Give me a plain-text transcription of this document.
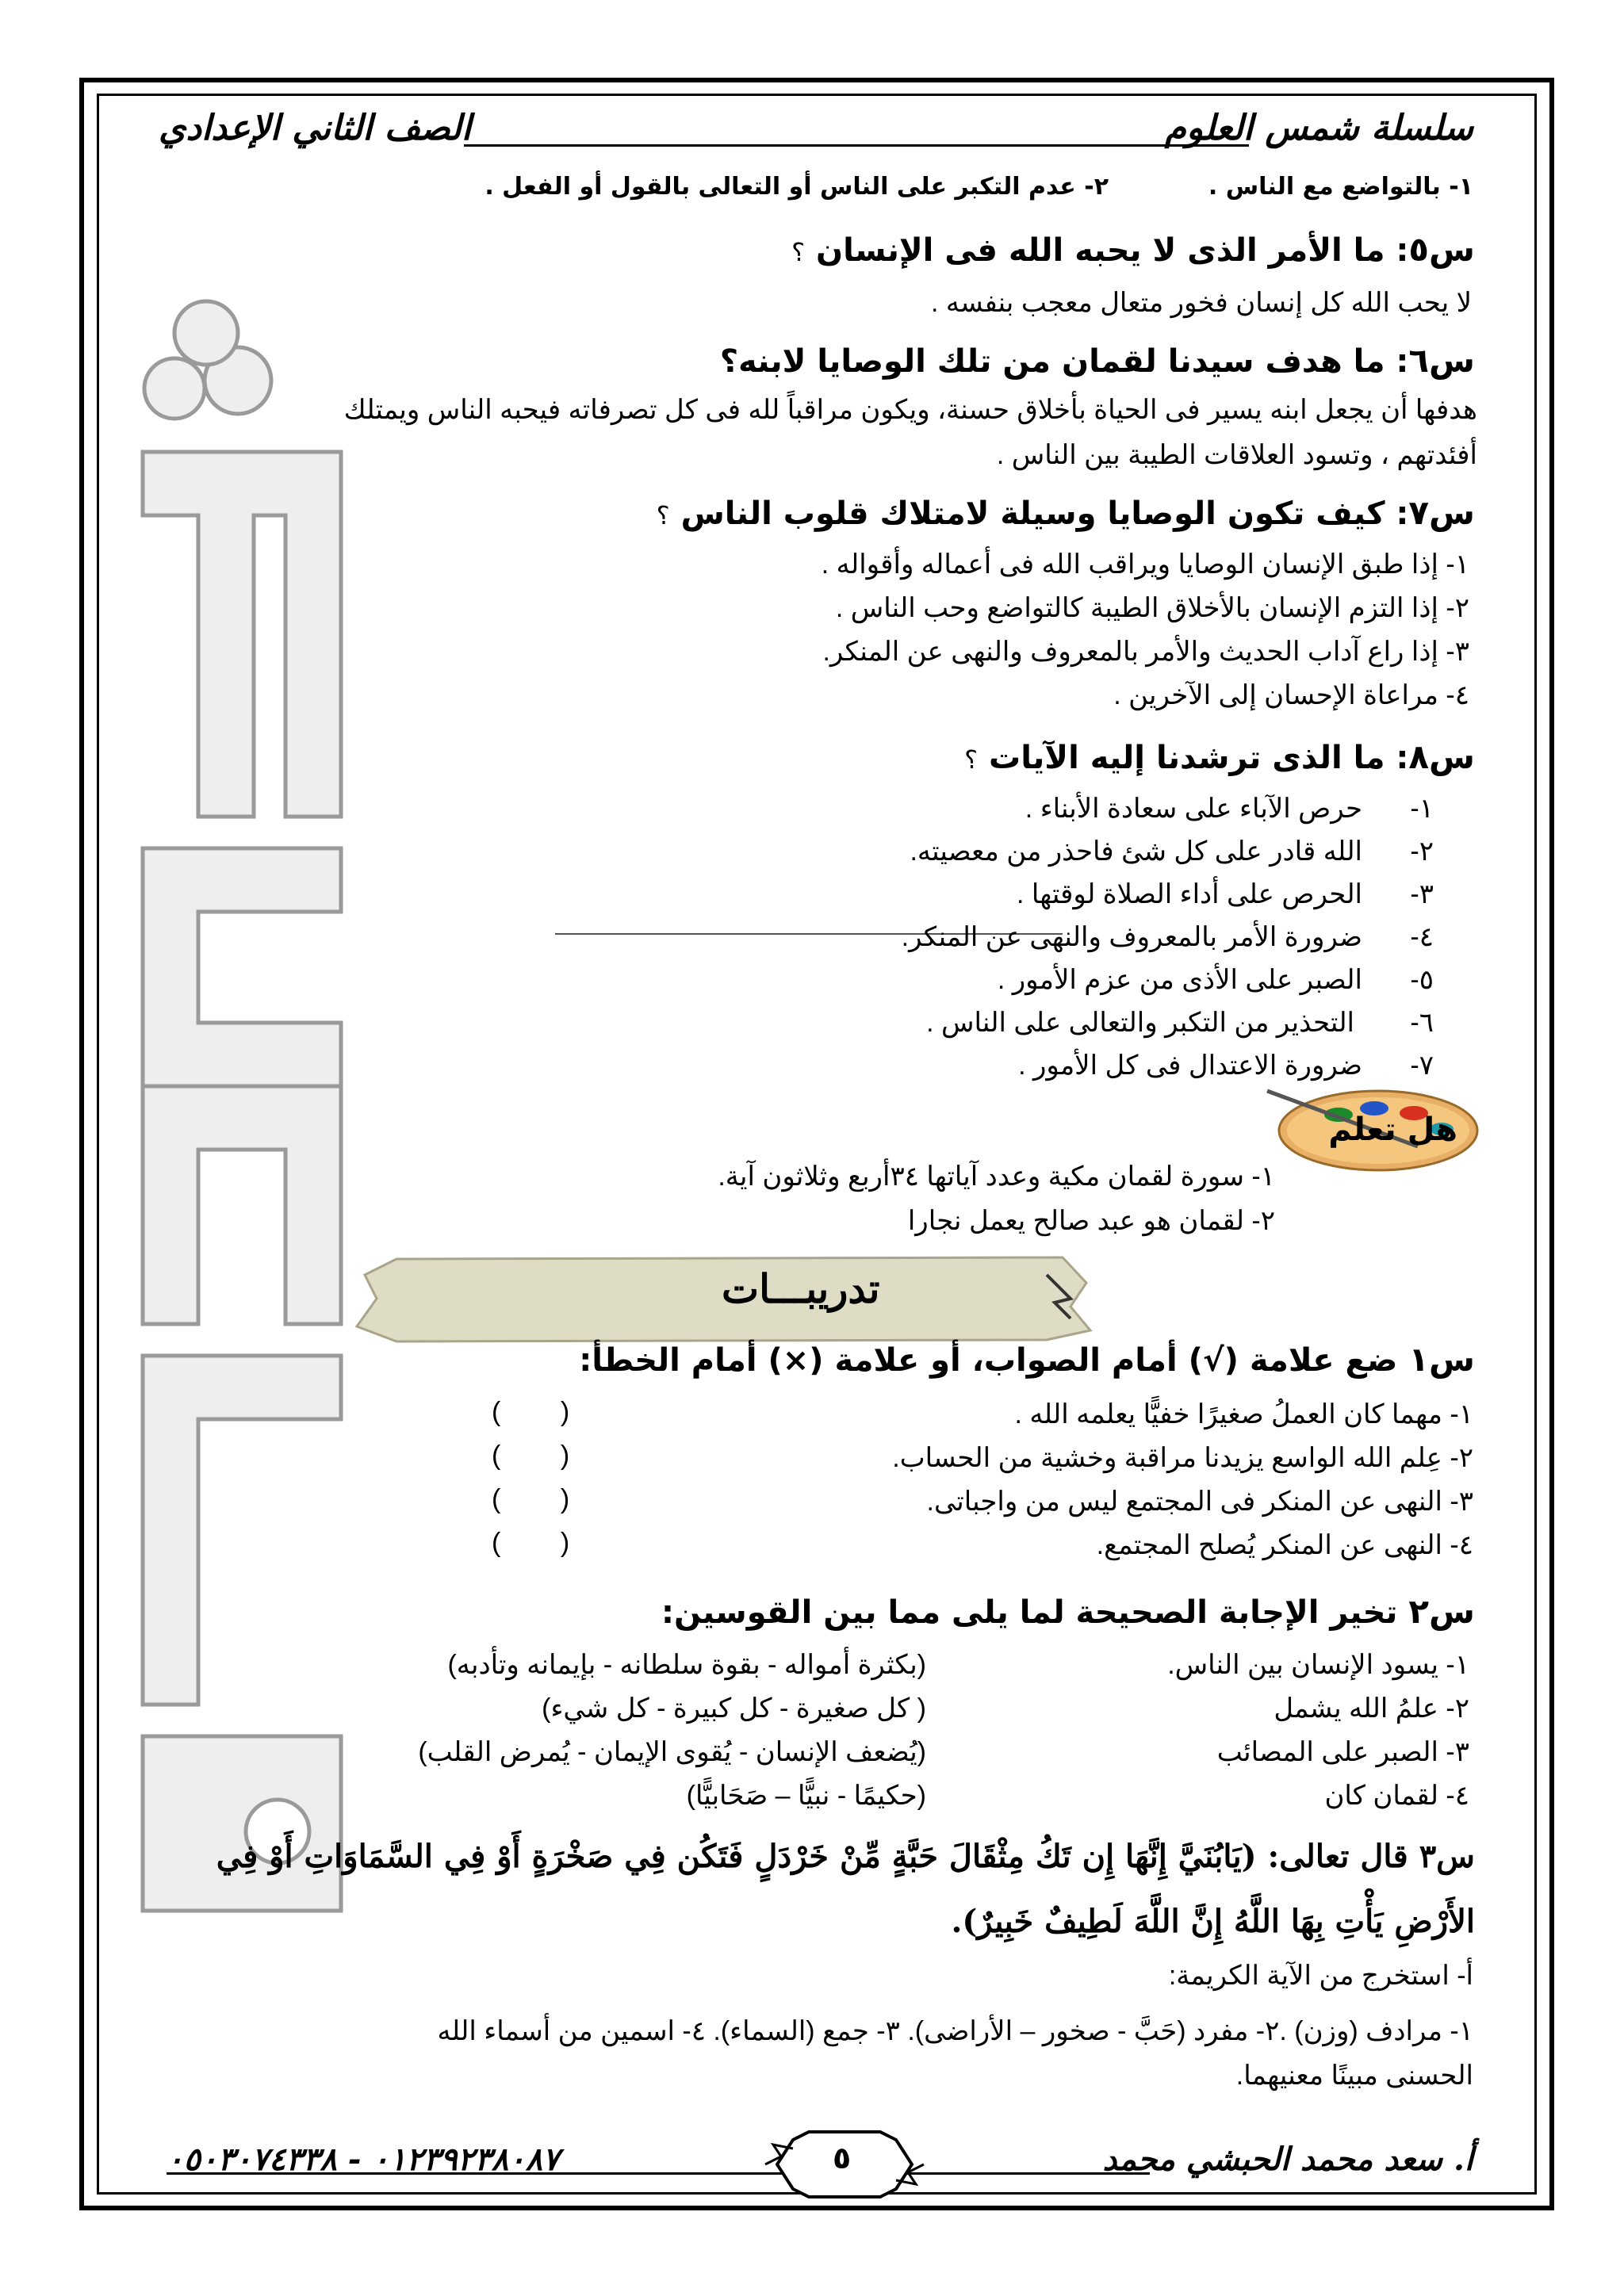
سلسلة شمس العلوم
الصف الثاني الإعدادي
١- بالتواضع مع الناس .
٢- عدم التكبر على الناس أو التعالى بالقول أو الفعل .
س٥: ما الأمر الذى لا يحبه الله فى الإنسان ؟
لا يحب الله كل إنسان فخور متعال معجب بنفسه .
س٦: ما هدف سيدنا لقمان من تلك الوصايا لابنه؟
هدفها أن يجعل ابنه يسير فى الحياة بأخلاق حسنة، ويكون مراقباً لله فى كل تصرفاته فيحبه الناس ويمتلك
أفئدتهم ، وتسود العلاقات الطيبة بين الناس .
س٧: كيف تكون الوصايا وسيلة لامتلاك قلوب الناس ؟
١- إذا طبق الإنسان الوصايا ويراقب الله فى أعماله وأقواله .
٢- إذا التزم الإنسان بالأخلاق الطيبة كالتواضع وحب الناس .
٣- إذا راع آداب الحديث والأمر بالمعروف والنهى عن المنكر.
٤- مراعاة الإحسان إلى الآخرين .
س٨: ما الذى ترشدنا إليه الآيات ؟
١-
حرص الآباء على سعادة الأبناء .
٢-
الله قادر على كل شئ فاحذر من معصيته.
٣-
الحرص على أداء الصلاة لوقتها .
٤-
ضرورة الأمر بالمعروف والنهى عن المنكر.
٥-
الصبر على الأذى من عزم الأمور .
٦-
التحذير من التكبر والتعالى على الناس .
٧-
ضرورة الاعتدال فى كل الأمور .
هل تعلم
١- سورة لقمان مكية وعدد آياتها ٣٤أربع وثلاثون آية.
٢- لقمان هو عبد صالح يعمل نجارا
تدريبـــات
س١ ضع علامة (√) أمام الصواب، أو علامة (×) أمام الخطأ:
١- مهما كان العملُ صغيرًا خفيًّا يعلمه الله .
٢- عِلم الله الواسع يزيدنا مراقبة وخشية من الحساب.
٣- النهى عن المنكر فى المجتمع ليس من واجباتى.
٤- النهى عن المنكر يُصلح المجتمع.
(        )
(        )
(        )
(        )
س٢ تخير الإجابة الصحيحة لما يلى مما بين القوسين:
١- يسود الإنسان بين الناس.
(بكثرة أمواله - بقوة سلطانه - بإيمانه وتأدبه)
٢- علمُ الله يشمل
( كل صغيرة - كل كبيرة - كل شيء)
٣- الصبر على المصائب
(يُضعف الإنسان - يُقوى الإيمان - يُمرض القلب)
٤- لقمان كان
(حكيمًا - نبيًّا – صَحَابيًّا)
س٣ قال تعالى: (يَابُنَيَّ إِنَّهَا إِن تَكُ مِثْقَالَ حَبَّةٍ مِّنْ خَرْدَلٍ فَتَكُن فِي صَخْرَةٍ أَوْ فِي السَّمَاوَاتِ أَوْ فِي
الأَرْضِ يَأْتِ بِهَا اللَّهُ إِنَّ اللَّهَ لَطِيفٌ خَبِيرٌ).
أ- استخرج من الآية الكريمة:
١- مرادف (وزن) .٢- مفرد (حَبَّ - صخور – الأراضى). ٣- جمع (السماء). ٤- اسمين من أسماء الله
الحسنى مبينًا معنيهما.
٥	أ. سعد محمد الحبشي محمد
٠١٢٣٩٢٣٨٠٨٧ - ٠٥٠٣٠٧٤٣٣٨
